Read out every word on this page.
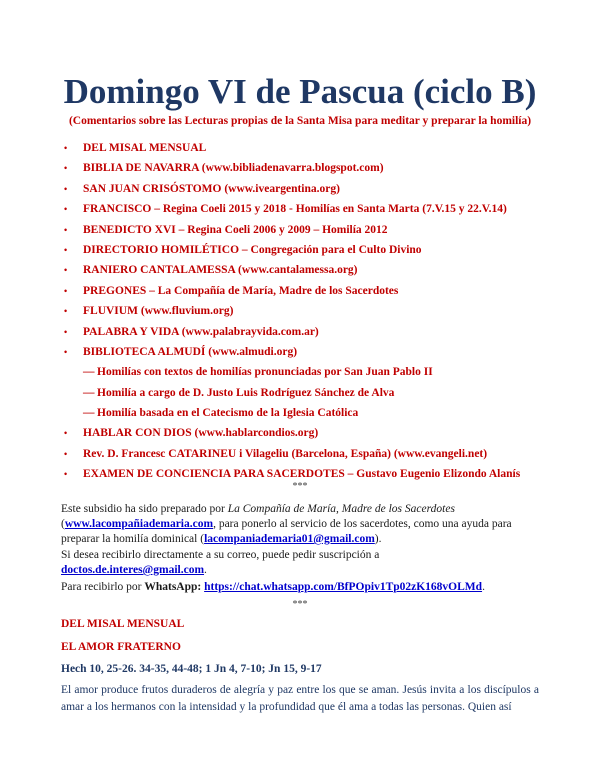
Domingo VI de Pascua (ciclo B)
(Comentarios sobre las Lecturas propias de la Santa Misa para meditar y preparar la homilía)
• DEL MISAL MENSUAL
• BIBLIA DE NAVARRA (www.bibliadenavarra.blogspot.com)
• SAN JUAN CRISÓSTOMO (www.iveargentina.org)
• FRANCISCO – Regina Coeli 2015 y 2018 - Homilías en Santa Marta (7.V.15 y 22.V.14)
• BENEDICTO XVI – Regina Coeli 2006 y 2009 – Homilía 2012
• DIRECTORIO HOMILÉTICO – Congregación para el Culto Divino
• RANIERO CANTALAMESSA (www.cantalamessa.org)
• PREGONES – La Compañía de María, Madre de los Sacerdotes
• FLUVIUM (www.fluvium.org)
• PALABRA Y VIDA (www.palabrayvida.com.ar)
• BIBLIOTECA ALMUDÍ (www.almudi.org)
— Homilías con textos de homilías pronunciadas por San Juan Pablo II
— Homilía a cargo de D. Justo Luis Rodríguez Sánchez de Alva
— Homilía basada en el Catecismo de la Iglesia Católica
• HABLAR CON DIOS (www.hablarcondios.org)
• Rev. D. Francesc CATARINEU i Vilageliu (Barcelona, España) (www.evangeli.net)
• EXAMEN DE CONCIENCIA PARA SACERDOTES – Gustavo Eugenio Elizondo Alanís
***
Este subsidio ha sido preparado por La Compañía de María, Madre de los Sacerdotes (www.lacompañiademaria.com, para ponerlo al servicio de los sacerdotes, como una ayuda para preparar la homilía dominical (lacompaniademaria01@gmail.com).
Si desea recibirlo directamente a su correo, puede pedir suscripción a
doctos.de.interes@gmail.com.
Para recibirlo por WhatsApp: https://chat.whatsapp.com/BfPOpiv1Tp02zK168vOLMd.
***
DEL MISAL MENSUAL
EL AMOR FRATERNO
Hech 10, 25-26. 34-35, 44-48; 1 Jn 4, 7-10; Jn 15, 9-17
El amor produce frutos duraderos de alegría y paz entre los que se aman. Jesús invita a los discípulos a amar a los hermanos con la intensidad y la profundidad que él ama a todas las personas. Quien así
